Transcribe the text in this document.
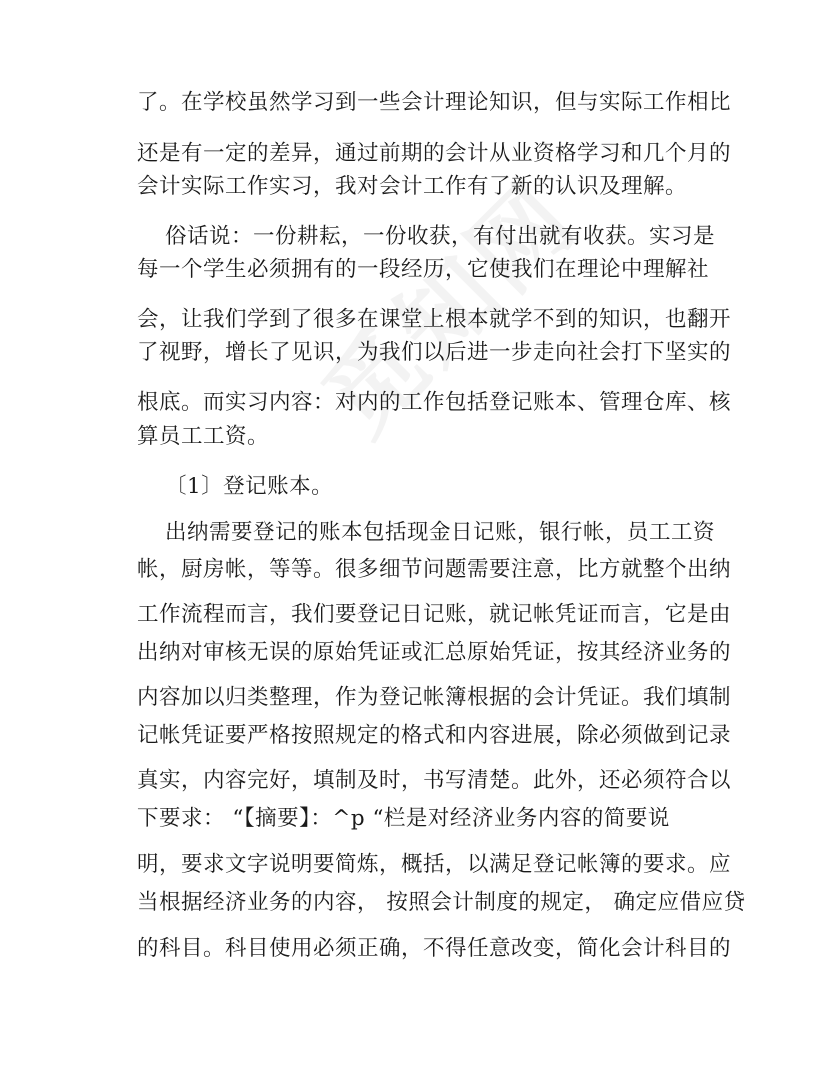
了。在学校虽然学习到一些会计理论知识，但与实际工作相比
还是有一定的差异，通过前期的会计从业资格学习和几个月的
会计实际工作实习，我对会计工作有了新的认识及理解。
俗话说：一份耕耘，一份收获，有付出就有收获。实习是
每一个学生必须拥有的一段经历，它使我们在理论中理解社
会，让我们学到了很多在课堂上根本就学不到的知识，也翻开
了视野，增长了见识，为我们以后进一步走向社会打下坚实的
根底。而实习内容：对内的工作包括登记账本、管理仓库、核
算员工工资。
〔1〕登记账本。
出纳需要登记的账本包括现金日记账，银行帐，员工工资
帐，厨房帐，等等。很多细节问题需要注意，比方就整个出纳
工作流程而言，我们要登记日记账，就记帐凭证而言，它是由
出纳对审核无误的原始凭证或汇总原始凭证，按其经济业务的
内容加以归类整理，作为登记帐簿根据的会计凭证。我们填制
记帐凭证要严格按照规定的格式和内容进展，除必须做到记录
真实，内容完好，填制及时，书写清楚。此外，还必须符合以
下要求： “【摘要】：^p “栏是对经济业务内容的简要说
明，要求文字说明要简炼，概括，以满足登记帐簿的要求。应
当根据经济业务的内容， 按照会计制度的规定， 确定应借应贷
的科目。科目使用必须正确，不得任意改变，简化会计科目的
